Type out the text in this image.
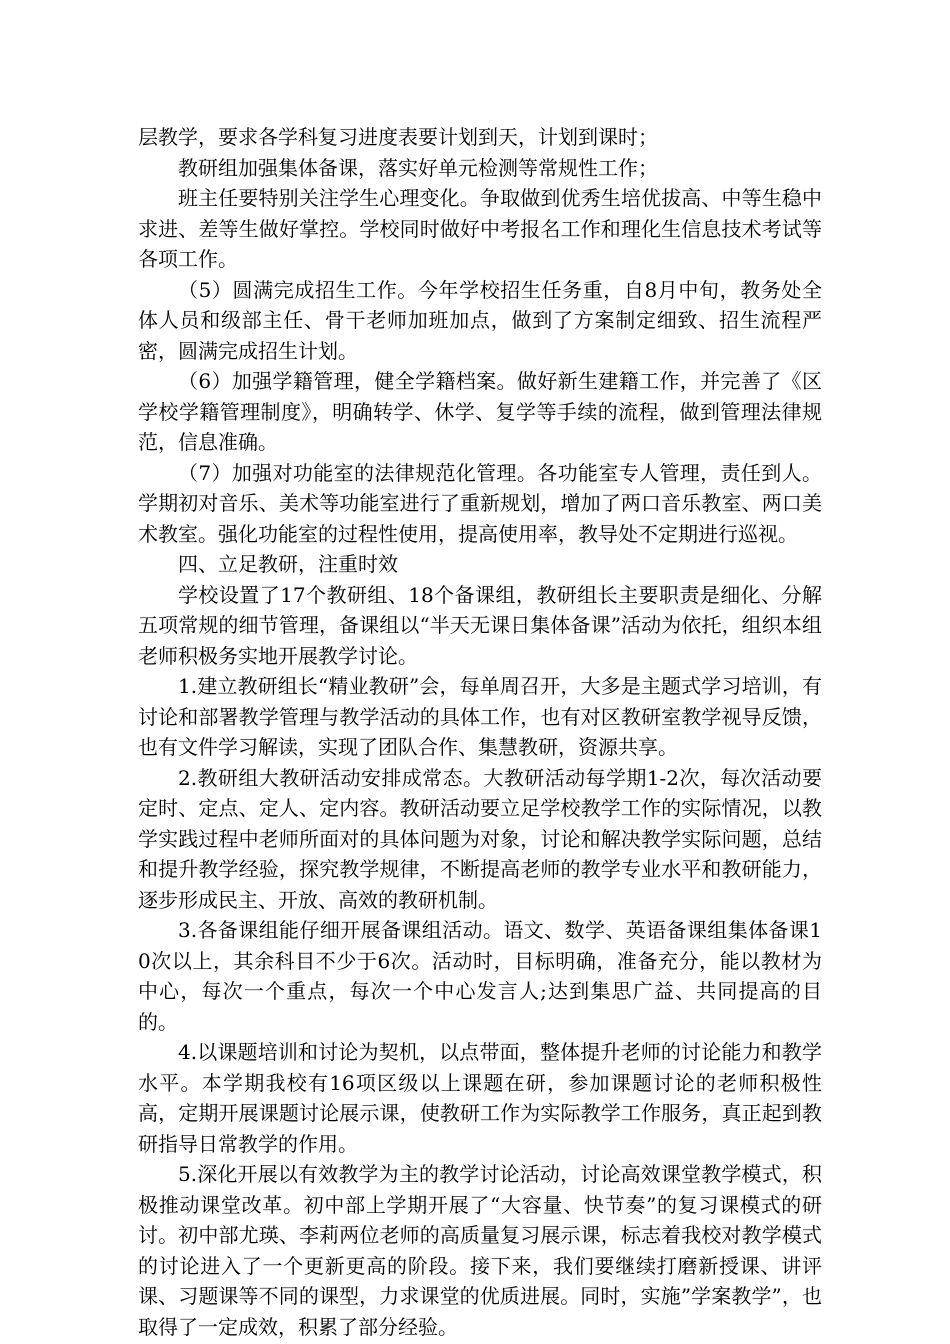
层教学，要求各学科复习进度表要计划到天，计划到课时；

教研组加强集体备课，落实好单元检测等常规性工作；

班主任要特别关注学生心理变化。争取做到优秀生培优拔高、中等生稳中求进、差等生做好掌控。学校同时做好中考报名工作和理化生信息技术考试等各项工作。

（5）圆满完成招生工作。今年学校招生任务重，自8月中旬，教务处全体人员和级部主任、骨干老师加班加点，做到了方案制定细致、招生流程严密，圆满完成招生计划。

（6）加强学籍管理，健全学籍档案。做好新生建籍工作，并完善了《区学校学籍管理制度》，明确转学、休学、复学等手续的流程，做到管理法律规范，信息准确。

（7）加强对功能室的法律规范化管理。各功能室专人管理，责任到人。学期初对音乐、美术等功能室进行了重新规划，增加了两口音乐教室、两口美术教室。强化功能室的过程性使用，提高使用率，教导处不定期进行巡视。

四、立足教研，注重时效

学校设置了17个教研组、18个备课组，教研组长主要职责是细化、分解五项常规的细节管理，备课组以“半天无课日集体备课”活动为依托，组织本组老师积极务实地开展教学讨论。

1.建立教研组长“精业教研”会，每单周召开，大多是主题式学习培训，有讨论和部署教学管理与教学活动的具体工作，也有对区教研室教学视导反馈，也有文件学习解读，实现了团队合作、集慧教研，资源共享。

2.教研组大教研活动安排成常态。大教研活动每学期1-2次，每次活动要定时、定点、定人、定内容。教研活动要立足学校教学工作的实际情况，以教学实践过程中老师所面对的具体问题为对象，讨论和解决教学实际问题，总结和提升教学经验，探究教学规律，不断提高老师的教学专业水平和教研能力，逐步形成民主、开放、高效的教研机制。

3.各备课组能仔细开展备课组活动。语文、数学、英语备课组集体备课10次以上，其余科目不少于6次。活动时，目标明确，准备充分，能以教材为中心，每次一个重点，每次一个中心发言人;达到集思广益、共同提高的目的。

4.以课题培训和讨论为契机，以点带面，整体提升老师的讨论能力和教学水平。本学期我校有16项区级以上课题在研，参加课题讨论的老师积极性高，定期开展课题讨论展示课，使教研工作为实际教学工作服务，真正起到教研指导日常教学的作用。

5.深化开展以有效教学为主的教学讨论活动，讨论高效课堂教学模式，积极推动课堂改革。初中部上学期开展了“大容量、快节奏”的复习课模式的研讨。初中部尤瑛、李莉两位老师的高质量复习展示课，标志着我校对教学模式的讨论进入了一个更新更高的阶段。接下来，我们要继续打磨新授课、讲评课、习题课等不同的课型，力求课堂的优质进展。同时，实施”学案教学”，也取得了一定成效，积累了部分经验。
